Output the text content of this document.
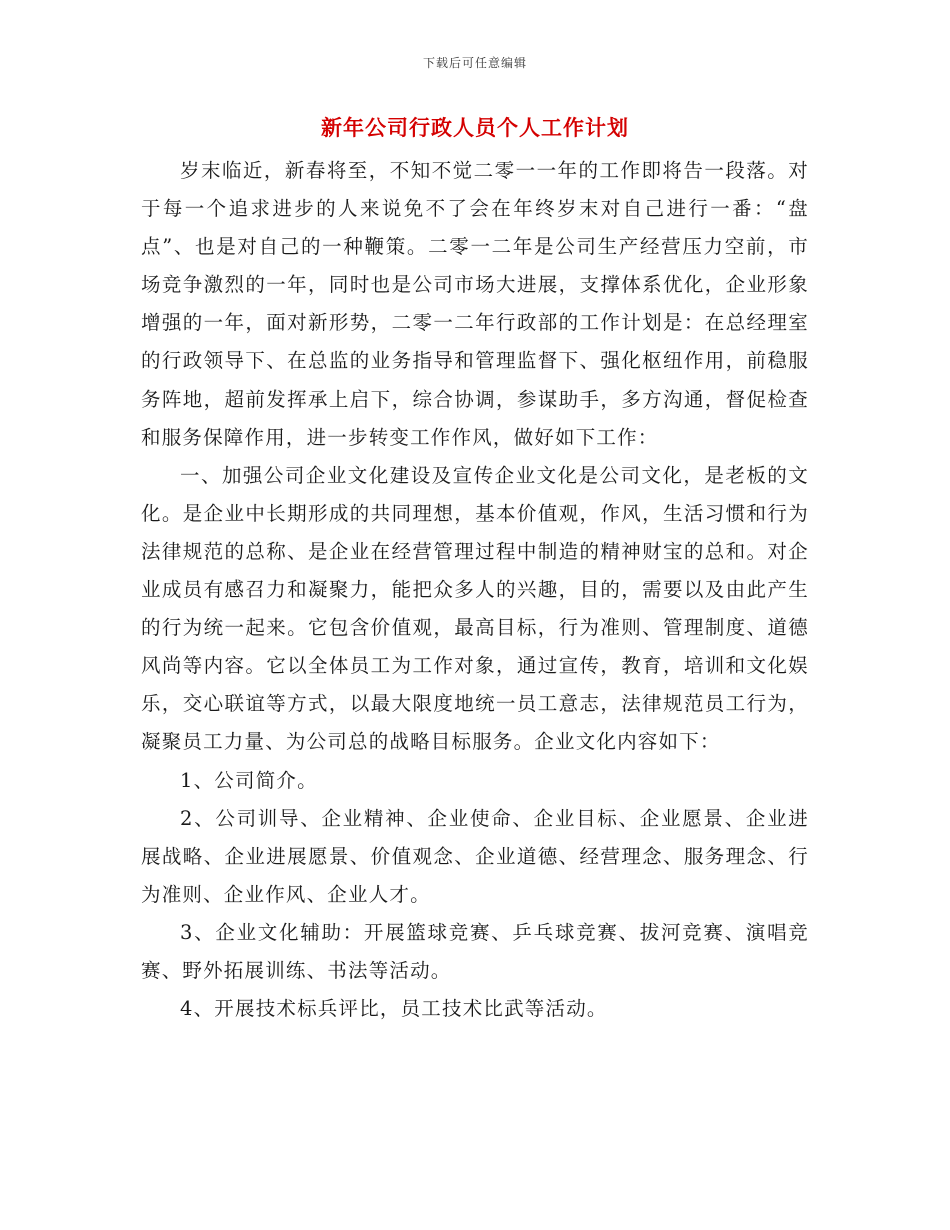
下载后可任意编辑
新年公司行政人员个人工作计划

岁末临近，新春将至，不知不觉二零一一年的工作即将告一段落。对于每一个追求进步的人来说免不了会在年终岁末对自己进行一番：“盘点”、也是对自己的一种鞭策。二零一二年是公司生产经营压力空前，市场竞争激烈的一年，同时也是公司市场大进展，支撑体系优化，企业形象增强的一年，面对新形势，二零一二年行政部的工作计划是：在总经理室的行政领导下、在总监的业务指导和管理监督下、强化枢纽作用，前稳服务阵地，超前发挥承上启下，综合协调，参谋助手，多方沟通，督促检查和服务保障作用，进一步转变工作作风，做好如下工作：

一、加强公司企业文化建设及宣传企业文化是公司文化，是老板的文化。是企业中长期形成的共同理想，基本价值观，作风，生活习惯和行为法律规范的总称、是企业在经营管理过程中制造的精神财宝的总和。对企业成员有感召力和凝聚力，能把众多人的兴趣，目的，需要以及由此产生的行为统一起来。它包含价值观，最高目标，行为准则、管理制度、道德风尚等内容。它以全体员工为工作对象，通过宣传，教育，培训和文化娱乐，交心联谊等方式，以最大限度地统一员工意志，法律规范员工行为，凝聚员工力量、为公司总的战略目标服务。企业文化内容如下：

1、公司简介。

2、公司训导、企业精神、企业使命、企业目标、企业愿景、企业进展战略、企业进展愿景、价值观念、企业道德、经营理念、服务理念、行为准则、企业作风、企业人才。

3、企业文化辅助：开展篮球竞赛、乒乓球竞赛、拔河竞赛、演唱竞赛、野外拓展训练、书法等活动。

4、开展技术标兵评比，员工技术比武等活动。
